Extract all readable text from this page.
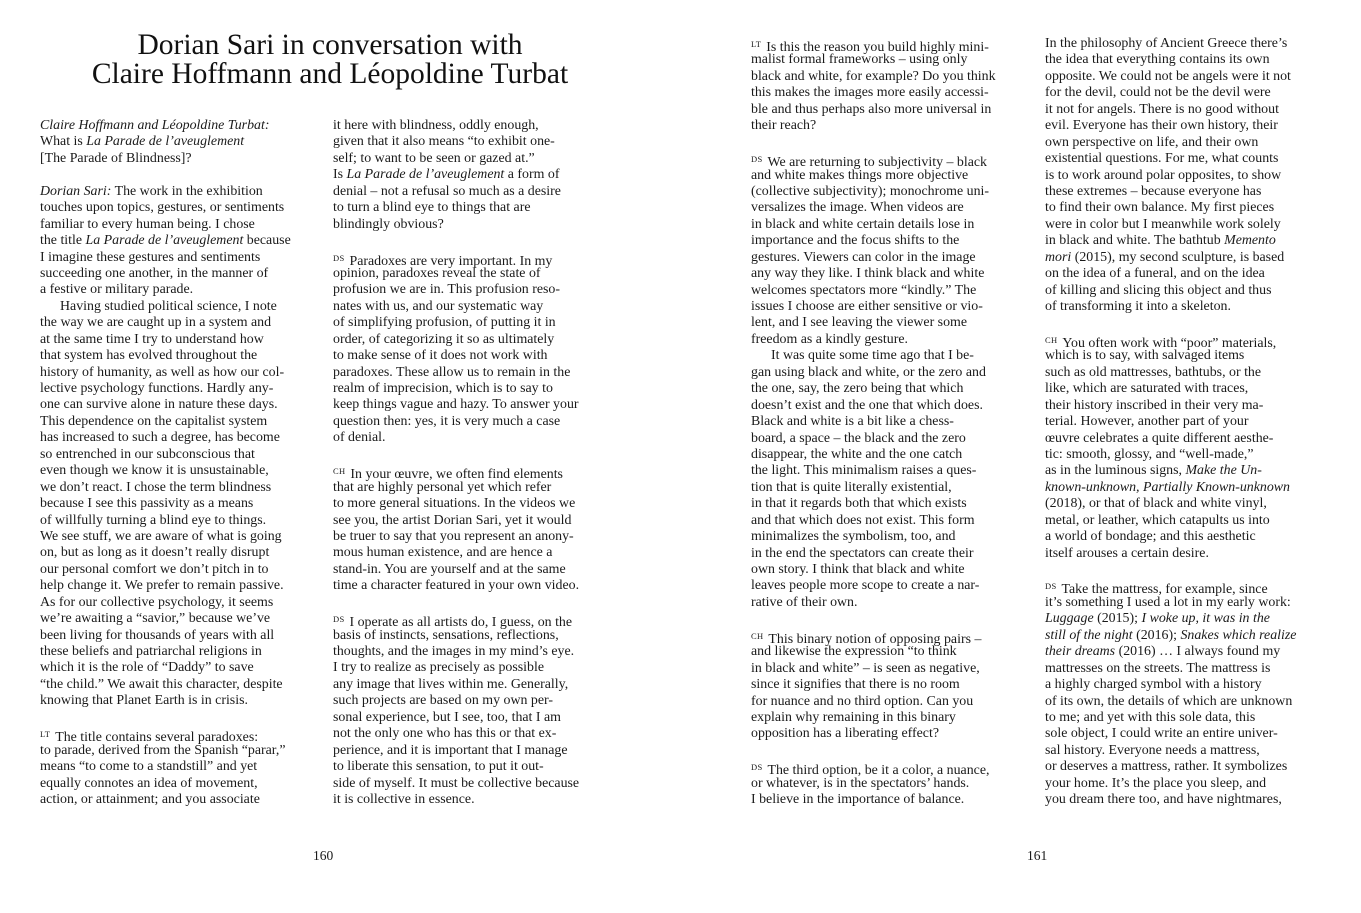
Dorian Sari in conversation with
Claire Hoffmann and Léopoldine Turbat
Claire Hoffmann and Léopoldine Turbat:
What is La Parade de l’aveuglement
[The Parade of Blindness]?
Dorian Sari: The work in the exhibition
touches upon topics, gestures, or sentiments
familiar to every human being. I chose
the title La Parade de l’aveuglement because
I imagine these gestures and sentiments
succeeding one another, in the manner of
a festive or military parade.
Having studied political science, I note
the way we are caught up in a system and
at the same time I try to understand how
that system has evolved throughout the
history of humanity, as well as how our col-
lective psychology functions. Hardly any-
one can survive alone in nature these days.
This dependence on the capitalist system
has increased to such a degree, has become
so entrenched in our subconscious that
even though we know it is unsustainable,
we don’t react. I chose the term blindness
because I see this passivity as a means
of willfully turning a blind eye to things.
We see stuff, we are aware of what is going
on, but as long as it doesn’t really disrupt
our personal comfort we don’t pitch in to
help change it. We prefer to remain passive.
As for our collective psychology, it seems
we’re awaiting a “savior,” because we’ve
been living for thousands of years with all
these beliefs and patriarchal religions in
which it is the role of “Daddy” to save
“the child.” We await this character, despite
knowing that Planet Earth is in crisis.
$^{LT}$ The title contains several paradoxes:
to parade, derived from the Spanish “parar,”
means “to come to a standstill” and yet
equally connotes an idea of movement,
action, or attainment; and you associate
it here with blindness, oddly enough,
given that it also means “to exhibit one-
self; to want to be seen or gazed at.”
Is La Parade de l’aveuglement a form of
denial – not a refusal so much as a desire
to turn a blind eye to things that are
blindingly obvious?
$^{DS}$ Paradoxes are very important. In my
opinion, paradoxes reveal the state of
profusion we are in. This profusion reso-
nates with us, and our systematic way
of simplifying profusion, of putting it in
order, of categorizing it so as ultimately
to make sense of it does not work with
paradoxes. These allow us to remain in the
realm of imprecision, which is to say to
keep things vague and hazy. To answer your
question then: yes, it is very much a case
of denial.
$^{CH}$ In your œuvre, we often find elements
that are highly personal yet which refer
to more general situations. In the videos we
see you, the artist Dorian Sari, yet it would
be truer to say that you represent an anony-
mous human existence, and are hence a
stand-in. You are yourself and at the same
time a character featured in your own video.
$^{DS}$ I operate as all artists do, I guess, on the
basis of instincts, sensations, reflections,
thoughts, and the images in my mind’s eye.
I try to realize as precisely as possible
any image that lives within me. Generally,
such projects are based on my own per-
sonal experience, but I see, too, that I am
not the only one who has this or that ex-
perience, and it is important that I manage
to liberate this sensation, to put it out-
side of myself. It must be collective because
it is collective in essence.
160
$^{LT}$ Is this the reason you build highly mini-
malist formal frameworks – using only
black and white, for example? Do you think
this makes the images more easily accessi-
ble and thus perhaps also more universal in
their reach?
$^{DS}$ We are returning to subjectivity – black
and white makes things more objective
(collective subjectivity); monochrome uni-
versalizes the image. When videos are
in black and white certain details lose in
importance and the focus shifts to the
gestures. Viewers can color in the image
any way they like. I think black and white
welcomes spectators more “kindly.” The
issues I choose are either sensitive or vio-
lent, and I see leaving the viewer some
freedom as a kindly gesture.
It was quite some time ago that I be-
gan using black and white, or the zero and
the one, say, the zero being that which
doesn’t exist and the one that which does.
Black and white is a bit like a chess-
board, a space – the black and the zero
disappear, the white and the one catch
the light. This minimalism raises a ques-
tion that is quite literally existential,
in that it regards both that which exists
and that which does not exist. This form
minimalizes the symbolism, too, and
in the end the spectators can create their
own story. I think that black and white
leaves people more scope to create a nar-
rative of their own.
$^{CH}$ This binary notion of opposing pairs –
and likewise the expression “to think
in black and white” – is seen as negative,
since it signifies that there is no room
for nuance and no third option. Can you
explain why remaining in this binary
opposition has a liberating effect?
$^{DS}$ The third option, be it a color, a nuance,
or whatever, is in the spectators’ hands.
I believe in the importance of balance.
In the philosophy of Ancient Greece there’s
the idea that everything contains its own
opposite. We could not be angels were it not
for the devil, could not be the devil were
it not for angels. There is no good without
evil. Everyone has their own history, their
own perspective on life, and their own
existential questions. For me, what counts
is to work around polar opposites, to show
these extremes – because everyone has
to find their own balance. My first pieces
were in color but I meanwhile work solely
in black and white. The bathtub Memento
mori (2015), my second sculpture, is based
on the idea of a funeral, and on the idea
of killing and slicing this object and thus
of transforming it into a skeleton.
$^{CH}$ You often work with “poor” materials,
which is to say, with salvaged items
such as old mattresses, bathtubs, or the
like, which are saturated with traces,
their history inscribed in their very ma-
terial. However, another part of your
œuvre celebrates a quite different aesthe-
tic: smooth, glossy, and “well-made,”
as in the luminous signs, Make the Un-
known-unknown, Partially Known-unknown
(2018), or that of black and white vinyl,
metal, or leather, which catapults us into
a world of bondage; and this aesthetic
itself arouses a certain desire.
$^{DS}$ Take the mattress, for example, since
it’s something I used a lot in my early work:
Luggage (2015); I woke up, it was in the
still of the night (2016); Snakes which realize
their dreams (2016) … I always found my
mattresses on the streets. The mattress is
a highly charged symbol with a history
of its own, the details of which are unknown
to me; and yet with this sole data, this
sole object, I could write an entire univer-
sal history. Everyone needs a mattress,
or deserves a mattress, rather. It symbolizes
your home. It’s the place you sleep, and
you dream there too, and have nightmares,
161
